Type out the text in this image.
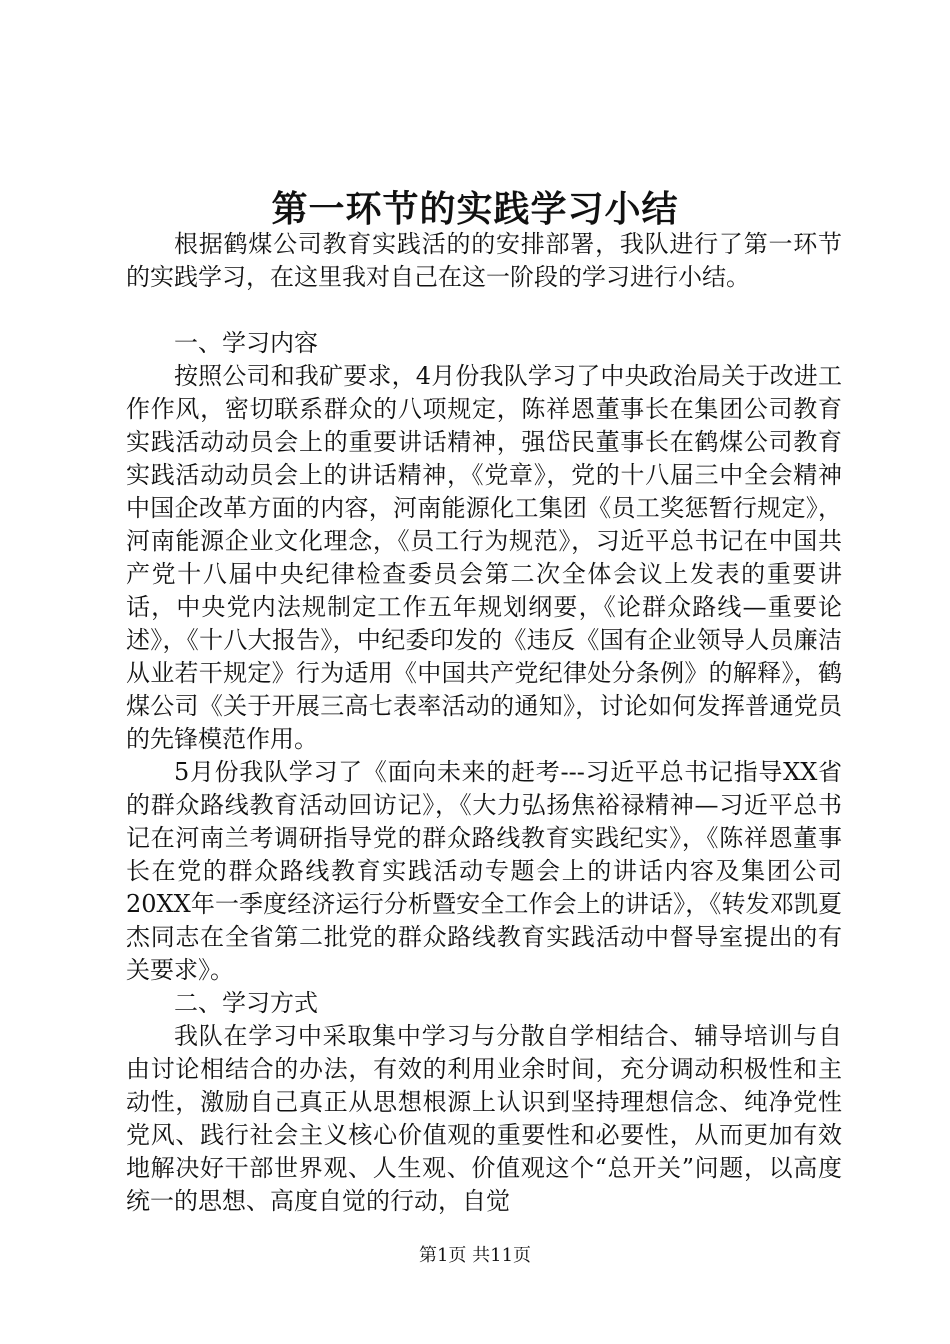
第一环节的实践学习小结

根据鹤煤公司教育实践活的的安排部署，我队进行了第一环节的实践学习，在这里我对自己在这一阶段的学习进行小结。

一、学习内容

按照公司和我矿要求，4月份我队学习了中央政治局关于改进工作作风，密切联系群众的八项规定，陈祥恩董事长在集团公司教育实践活动动员会上的重要讲话精神，强岱民董事长在鹤煤公司教育实践活动动员会上的讲话精神，《党章》，党的十八届三中全会精神中国企改革方面的内容，河南能源化工集团《员工奖惩暂行规定》，河南能源企业文化理念，《员工行为规范》，习近平总书记在中国共产党十八届中央纪律检查委员会第二次全体会议上发表的重要讲话，中央党内法规制定工作五年规划纲要，《论群众路线—重要论述》，《十八大报告》，中纪委印发的《违反《国有企业领导人员廉洁从业若干规定》行为适用《中国共产党纪律处分条例》的解释》，鹤煤公司《关于开展三高七表率活动的通知》，讨论如何发挥普通党员的先锋模范作用。

5月份我队学习了《面向未来的赶考---习近平总书记指导XX省的群众路线教育活动回访记》，《大力弘扬焦裕禄精神—习近平总书记在河南兰考调研指导党的群众路线教育实践纪实》，《陈祥恩董事长在党的群众路线教育实践活动专题会上的讲话内容及集团公司20XX年一季度经济运行分析暨安全工作会上的讲话》，《转发邓凯夏杰同志在全省第二批党的群众路线教育实践活动中督导室提出的有关要求》。

二、学习方式

我队在学习中采取集中学习与分散自学相结合、辅导培训与自由讨论相结合的办法，有效的利用业余时间，充分调动积极性和主动性，激励自己真正从思想根源上认识到坚持理想信念、纯净党性党风、践行社会主义核心价值观的重要性和必要性，从而更加有效地解决好干部世界观、人生观、价值观这个“总开关”问题，以高度统一的思想、高度自觉的行动，自觉

第1页 共11页
